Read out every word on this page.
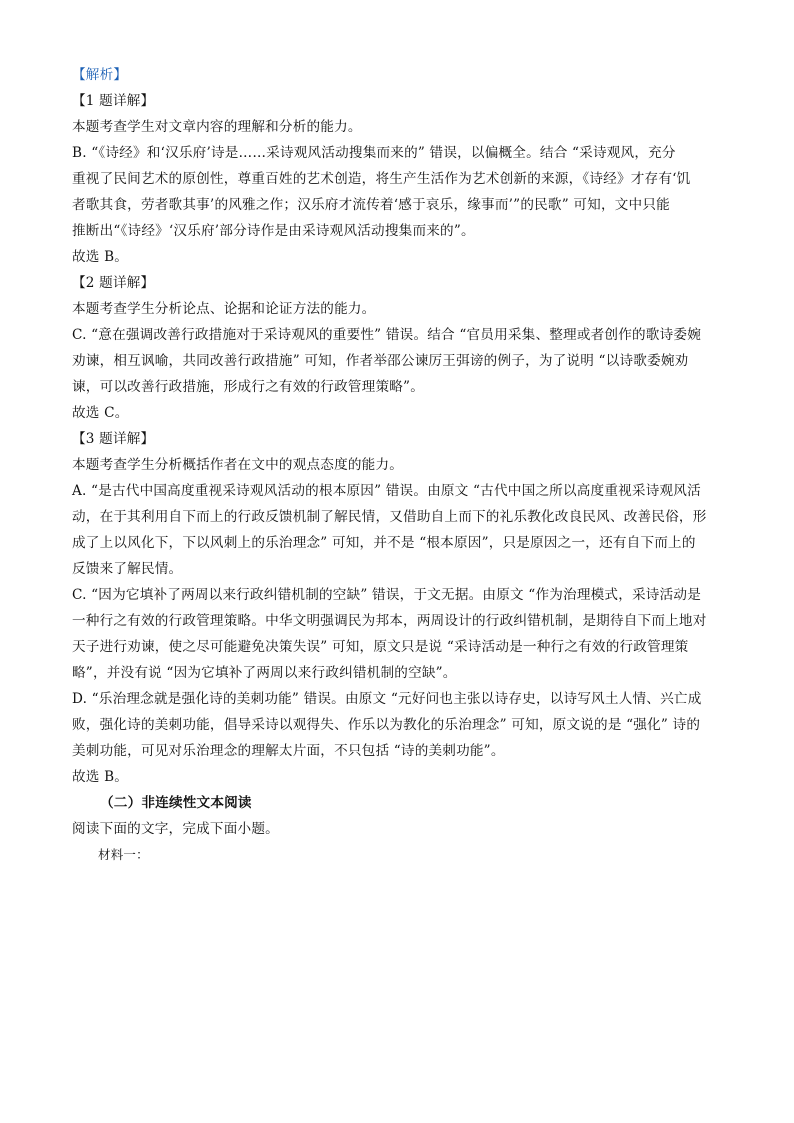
【解析】
【1 题详解】
本题考查学生对文章内容的理解和分析的能力。
B. “《诗经》和‘汉乐府’诗是……采诗观风活动搜集而来的” 错误，以偏概全。结合 “采诗观风，充分
重视了民间艺术的原创性，尊重百姓的艺术创造，将生产生活作为艺术创新的来源，《诗经》才存有‘饥
者歌其食，劳者歌其事’的风雅之作；汉乐府才流传着‘感于哀乐，缘事而’”的民歌” 可知，文中只能
推断出“《诗经》‘汉乐府’部分诗作是由采诗观风活动搜集而来的”。
故选 B。
【2 题详解】
本题考查学生分析论点、论据和论证方法的能力。
C. “意在强调改善行政措施对于采诗观风的重要性” 错误。结合 “官员用采集、整理或者创作的歌诗委婉
劝谏，相互讽喻，共同改善行政措施” 可知，作者举邵公谏厉王弭谤的例子，为了说明 “以诗歌委婉劝
谏，可以改善行政措施，形成行之有效的行政管理策略”。
故选 C。
【3 题详解】
本题考查学生分析概括作者在文中的观点态度的能力。
A. “是古代中国高度重视采诗观风活动的根本原因” 错误。由原文 “古代中国之所以高度重视采诗观风活
动，在于其利用自下而上的行政反馈机制了解民情，又借助自上而下的礼乐教化改良民风、改善民俗，形
成了上以风化下，下以风刺上的乐治理念” 可知，并不是 “根本原因”，只是原因之一，还有自下而上的
反馈来了解民情。
C. “因为它填补了两周以来行政纠错机制的空缺” 错误，于文无据。由原文 “作为治理模式，采诗活动是
一种行之有效的行政管理策略。中华文明强调民为邦本，两周设计的行政纠错机制，是期待自下而上地对
天子进行劝谏，使之尽可能避免决策失误” 可知，原文只是说 “采诗活动是一种行之有效的行政管理策
略”，并没有说 “因为它填补了两周以来行政纠错机制的空缺”。
D. “乐治理念就是强化诗的美刺功能” 错误。由原文 “元好问也主张以诗存史，以诗写风土人情、兴亡成
败，强化诗的美刺功能，倡导采诗以观得失、作乐以为教化的乐治理念” 可知，原文说的是 “强化” 诗的
美刺功能，可见对乐治理念的理解太片面，不只包括 “诗的美刺功能”。
故选 B。
（二）非连续性文本阅读
阅读下面的文字，完成下面小题。
材料一：
